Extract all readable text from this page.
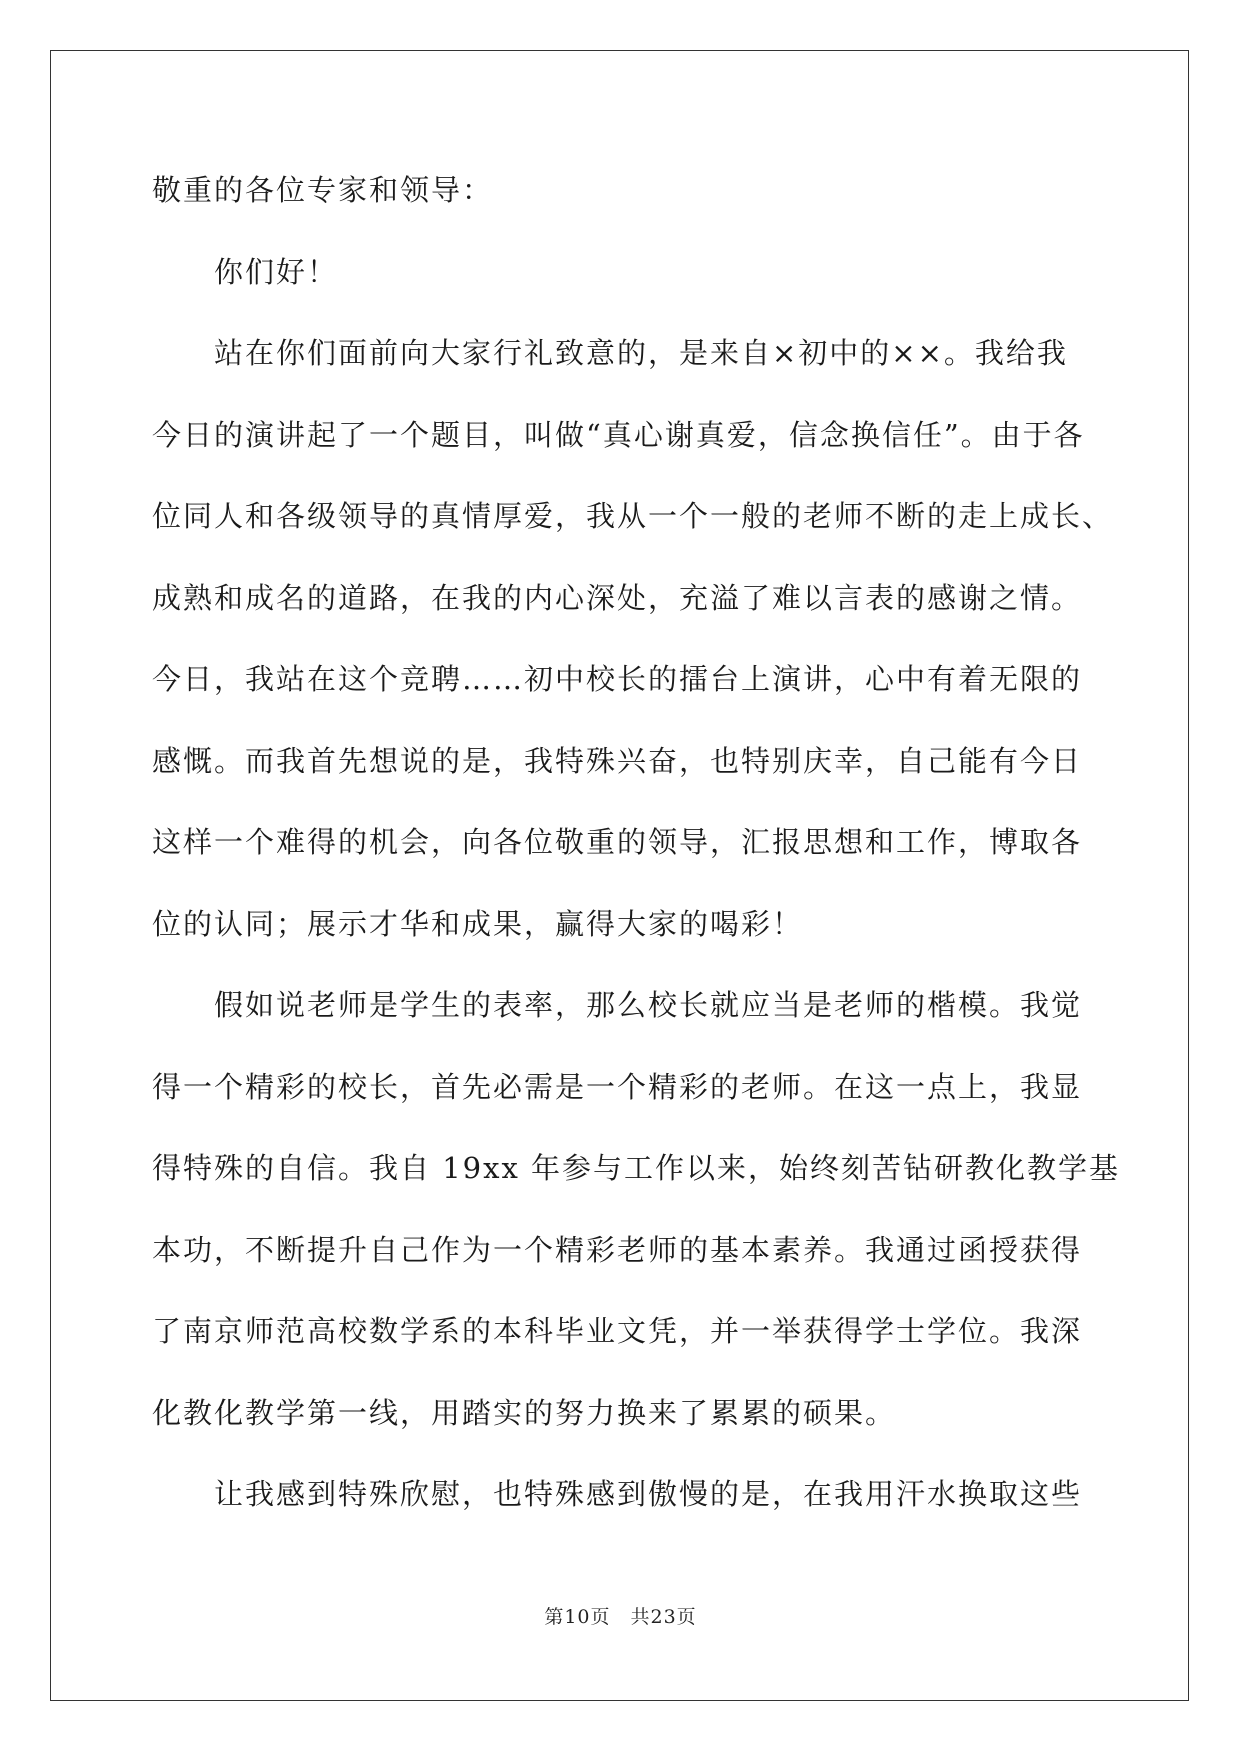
敬重的各位专家和领导：
你们好！
站在你们面前向大家行礼致意的，是来自×初中的××。我给我
今日的演讲起了一个题目，叫做“真心谢真爱，信念换信任”。由于各
位同人和各级领导的真情厚爱，我从一个一般的老师不断的走上成长、
成熟和成名的道路，在我的内心深处，充溢了难以言表的感谢之情。
今日，我站在这个竞聘……初中校长的擂台上演讲，心中有着无限的
感慨。而我首先想说的是，我特殊兴奋，也特别庆幸，自己能有今日
这样一个难得的机会，向各位敬重的领导，汇报思想和工作，博取各
位的认同；展示才华和成果，赢得大家的喝彩！
假如说老师是学生的表率，那么校长就应当是老师的楷模。我觉
得一个精彩的校长，首先必需是一个精彩的老师。在这一点上，我显
得特殊的自信。我自 19xx 年参与工作以来，始终刻苦钻研教化教学基
本功，不断提升自己作为一个精彩老师的基本素养。我通过函授获得
了南京师范高校数学系的本科毕业文凭，并一举获得学士学位。我深
化教化教学第一线，用踏实的努力换来了累累的硕果。
让我感到特殊欣慰，也特殊感到傲慢的是，在我用汗水换取这些
第10页　共23页
